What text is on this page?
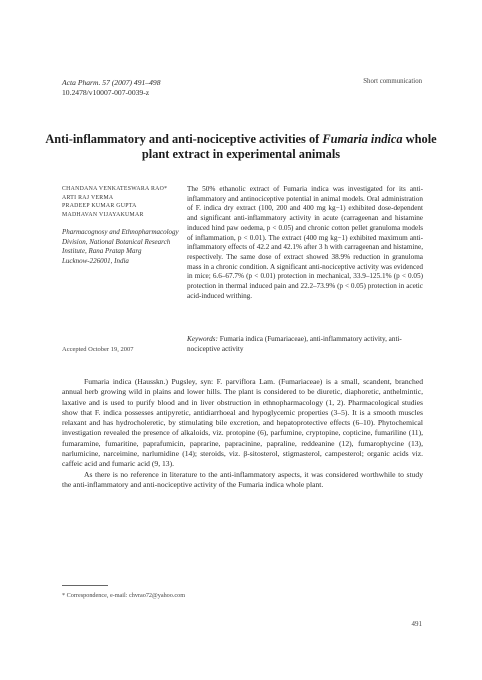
Acta Pharm. 57 (2007) 491–498
10.2478/v10007-007-0039-z
Short communication
Anti-inflammatory and anti-nociceptive activities of Fumaria indica whole plant extract in experimental animals
CHANDANA VENKATESWARA RAO*
ARTI RAJ VERMA
PRADEEP KUMAR GUPTA
MADHAVAN VIJAYAKUMAR
Pharmacognosy and Ethnopharmacology
Division, National Botanical Research
Institute, Rana Pratap Marg
Lucknow-226001, India
Accepted October 19, 2007
The 50% ethanolic extract of Fumaria indica was investigated for its anti-inflammatory and antinociceptive potential in animal models. Oral administration of F. indica dry extract (100, 200 and 400 mg kg−1) exhibited dose-dependent and significant anti-inflammatory activity in acute (carrageenan and histamine induced hind paw oedema, p < 0.05) and chronic cotton pellet granuloma models of inflammation, p < 0.01). The extract (400 mg kg−1) exhibited maximum anti-inflammatory effects of 42.2 and 42.1% after 3 h with carrageenan and histamine, respectively. The same dose of extract showed 38.9% reduction in granuloma mass in a chronic condition. A significant anti-nociceptive activity was evidenced in mice; 6.6–67.7% (p < 0.01) protection in mechanical, 33.9–125.1% (p < 0.05) protection in thermal induced pain and 22.2–73.9% (p < 0.05) protection in acetic acid-induced writhing.
Keywords: Fumaria indica (Fumariaceae), anti-inflammatory activity, anti-nociceptive activity

Fumaria indica (Hausskn.) Pugsley, syn: F. parviflora Lam. (Fumariaceae) is a small, scandent, branched annual herb growing wild in plains and lower hills. The plant is considered to be diuretic, diaphoretic, anthelmintic, laxative and is used to purify blood and in liver obstruction in ethnopharmacology (1, 2). Pharmacological studies show that F. indica possesses antipyretic, antidiarrhoeal and hypoglycemic properties (3–5). It is a smooth muscles relaxant and has hydrocholeretic, by stimulating bile excretion, and hepatoprotective effects (6–10). Phytochemical investigation revealed the presence of alkaloids, viz. protopine (6), parfumine, cryptopine, copticine, fumariline (11), fumaramine, fumaritine, paprafumicin, paprarine, papracinine, papraline, reddeanine (12), fumarophycine (13), narlumicine, narceimine, narlumidine (14); steroids, viz. β-sitosterol, stigmasterol, campesterol; organic acids viz. caffeic acid and fumaric acid (9, 13).

As there is no reference in literature to the anti-inflammatory aspects, it was considered worthwhile to study the anti-inflammatory and anti-nociceptive activity of the Fumaria indica whole plant.

* Correspondence, e-mail: chvrao72@yahoo.com
491
